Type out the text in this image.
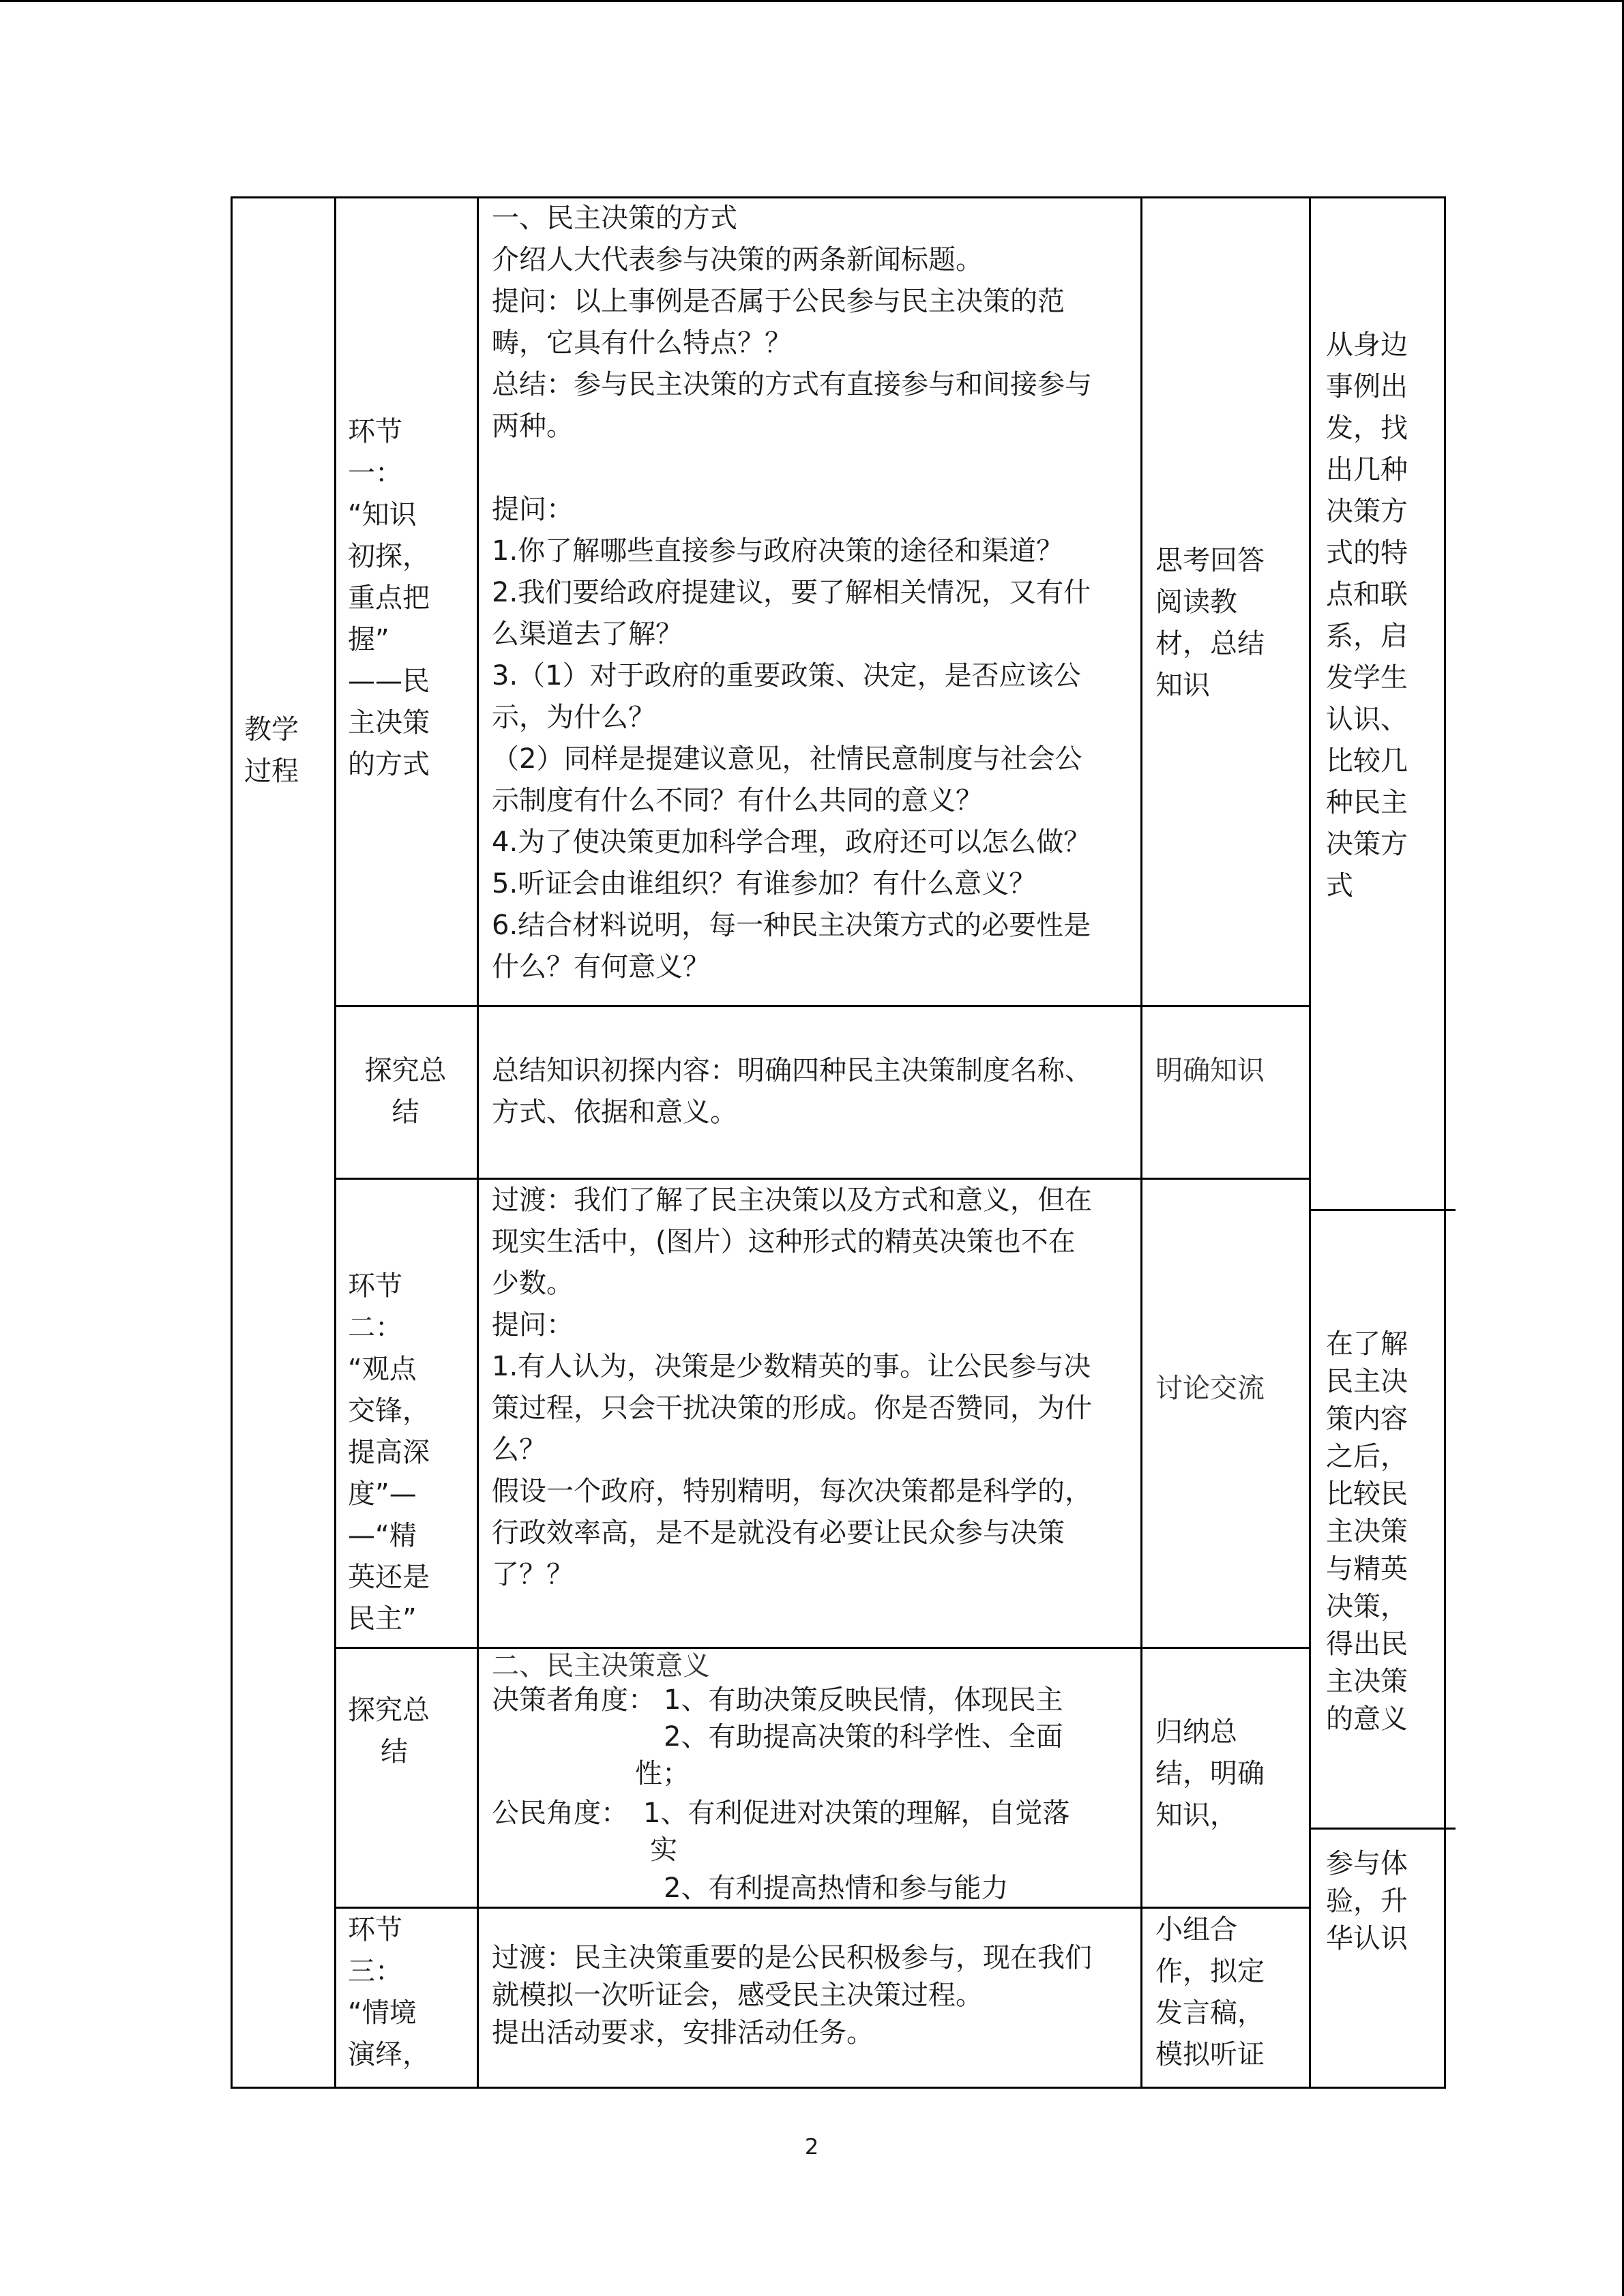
教学
过程
环节
一：
“知识
初探，
重点把
握”
——民
主决策
的方式
一、民主决策的方式
介绍人大代表参与决策的两条新闻标题。
提问：以上事例是否属于公民参与民主决策的范
畴，它具有什么特点？？
总结：参与民主决策的方式有直接参与和间接参与
两种。
提问：
1.你了解哪些直接参与政府决策的途径和渠道？
2.我们要给政府提建议，要了解相关情况，又有什
么渠道去了解？
3.（1）对于政府的重要政策、决定，是否应该公
示，为什么？
（2）同样是提建议意见，社情民意制度与社会公
示制度有什么不同？有什么共同的意义？
4.为了使决策更加科学合理，政府还可以怎么做？
5.听证会由谁组织？有谁参加？有什么意义？
6.结合材料说明，每一种民主决策方式的必要性是
什么？有何意义？
思考回答
阅读教
材，总结
知识
探究总
结
总结知识初探内容：明确四种民主决策制度名称、
方式、依据和意义。
明确知识
从身边
事例出
发，找
出几种
决策方
式的特
点和联
系，启
发学生
认识、
比较几
种民主
决策方
式
环节
二：
“观点
交锋，
提高深
度”—
—“精
英还是
民主”
过渡：我们了解了民主决策以及方式和意义，但在
现实生活中，(图片）这种形式的精英决策也不在
少数。
提问：
1.有人认为，决策是少数精英的事。让公民参与决
策过程，只会干扰决策的形成。你是否赞同，为什
么？
假设一个政府，特别精明，每次决策都是科学的，
行政效率高，是不是就没有必要让民众参与决策
了？？
讨论交流
探究总
结
二、民主决策意义
决策者角度： 1、有助决策反映民情，体现民主
2、有助提高决策的科学性、全面
性；
公民角度： 1、有利促进对决策的理解，自觉落
实
2、有利提高热情和参与能力
归纳总
结，明确
知识，
在了解
民主决
策内容
之后，
比较民
主决策
与精英
决策，
得出民
主决策
的意义
环节
三：
“情境
演绎，
过渡：民主决策重要的是公民积极参与，现在我们
就模拟一次听证会，感受民主决策过程。
提出活动要求，安排活动任务。
小组合
作，拟定
发言稿，
模拟听证
参与体
验，升
华认识
2
